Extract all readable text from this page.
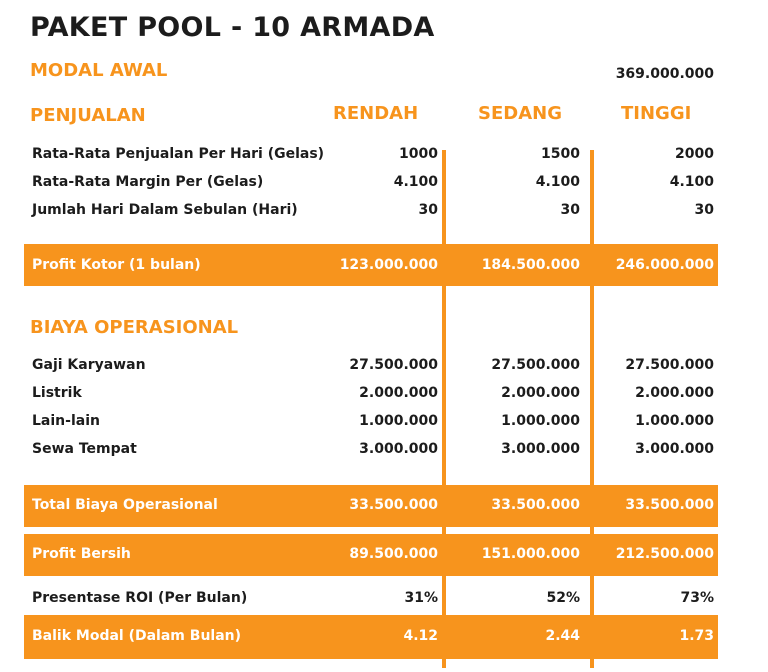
PAKET POOL - 10 ARMADA
MODAL AWAL	369.000.000
PENJUALAN	RENDAH	SEDANG	TINGGI
Rata-Rata Penjualan Per Hari (Gelas)	1000	1500	2000
Rata-Rata Margin Per (Gelas)	4.100	4.100	4.100
Jumlah Hari Dalam Sebulan (Hari)	30	30	30
Profit Kotor (1 bulan)	123.000.000	184.500.000	246.000.000
BIAYA OPERASIONAL
Gaji Karyawan	27.500.000	27.500.000	27.500.000
Listrik	2.000.000	2.000.000	2.000.000
Lain-lain	1.000.000	1.000.000	1.000.000
Sewa Tempat	3.000.000	3.000.000	3.000.000
Total Biaya Operasional	33.500.000	33.500.000	33.500.000
Profit Bersih	89.500.000	151.000.000	212.500.000
Presentase ROI (Per Bulan)	31%	52%	73%
Balik Modal (Dalam Bulan)	4.12	2.44	1.73
